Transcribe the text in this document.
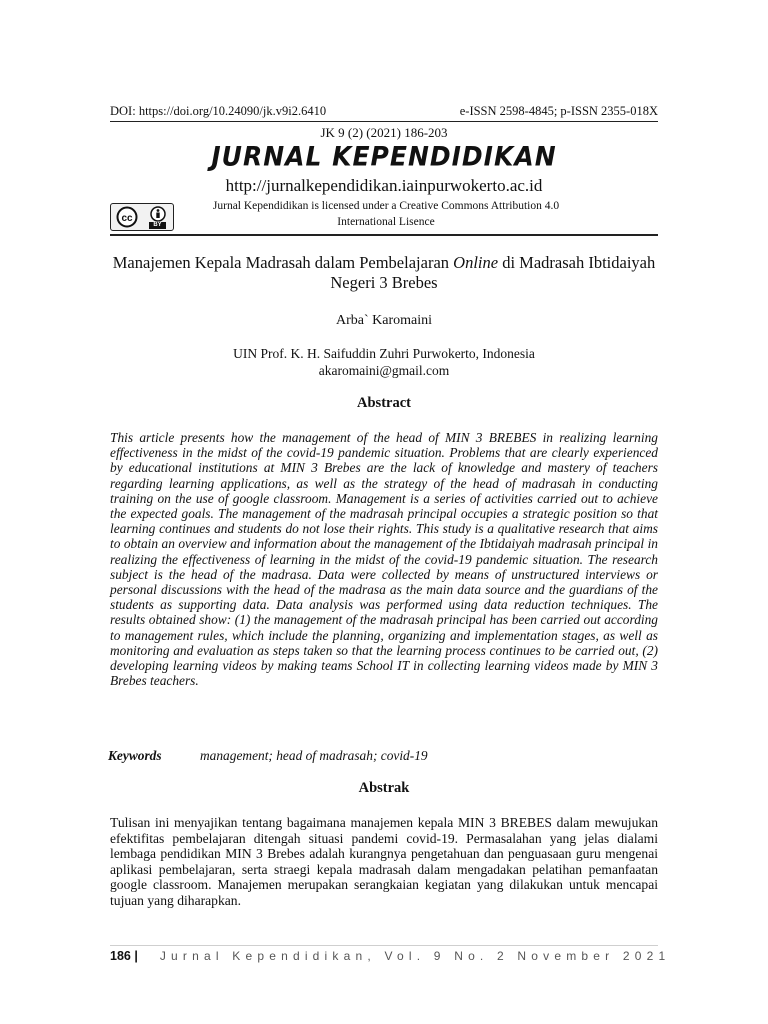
DOI: https://doi.org/10.24090/jk.v9i2.6410	e-ISSN 2598-4845; p-ISSN 2355-018X
JK 9 (2) (2021) 186-203
JURNAL KEPENDIDIKAN
http://jurnalkependidikan.iainpurwokerto.ac.id
cc
BY
Jurnal Kependidikan is licensed under a Creative Commons Attribution 4.0
International Lisence
Manajemen Kepala Madrasah dalam Pembelajaran Online di Madrasah Ibtidaiyah Negeri 3 Brebes
Arba` Karomaini
UIN Prof. K. H. Saifuddin Zuhri Purwokerto, Indonesia
akaromaini@gmail.com
Abstract

This article presents how the management of the head of MIN 3 BREBES in realizing learning effectiveness in the midst of the covid-19 pandemic situation. Problems that are clearly experienced by educational institutions at MIN 3 Brebes are the lack of knowledge and mastery of teachers regarding learning applications, as well as the strategy of the head of madrasah in conducting training on the use of google classroom. Management is a series of activities carried out to achieve the expected goals. The management of the madrasah principal occupies a strategic position so that learning continues and students do not lose their rights. This study is a qualitative research that aims to obtain an overview and information about the management of the Ibtidaiyah madrasah principal in realizing the effectiveness of learning in the midst of the covid-19 pandemic situation. The research subject is the head of the madrasa. Data were collected by means of unstructured interviews or personal discussions with the head of the madrasa as the main data source and the guardians of the students as supporting data. Data analysis was performed using data reduction techniques. The results obtained show: (1) the management of the madrasah principal has been carried out according to management rules, which include the planning, organizing and implementation stages, as well as monitoring and evaluation as steps taken so that the learning process continues to be carried out, (2) developing learning videos by making teams School IT in collecting learning videos made by MIN 3 Brebes teachers.

Keywords	management; head of madrasah; covid-19
Abstrak

Tulisan ini menyajikan tentang bagaimana manajemen kepala MIN 3 BREBES dalam mewujukan efektifitas pembelajaran ditengah situasi pandemi covid-19. Permasalahan yang jelas dialami lembaga pendidikan MIN 3 Brebes adalah kurangnya pengetahuan dan penguasaan guru mengenai aplikasi pembelajaran, serta straegi kepala madrasah dalam mengadakan pelatihan pemanfaatan google classroom. Manajemen merupakan serangkaian kegiatan yang dilakukan untuk mencapai tujuan yang diharapkan.

186 | Jurnal Kependidikan, Vol. 9 No. 2 November 2021
